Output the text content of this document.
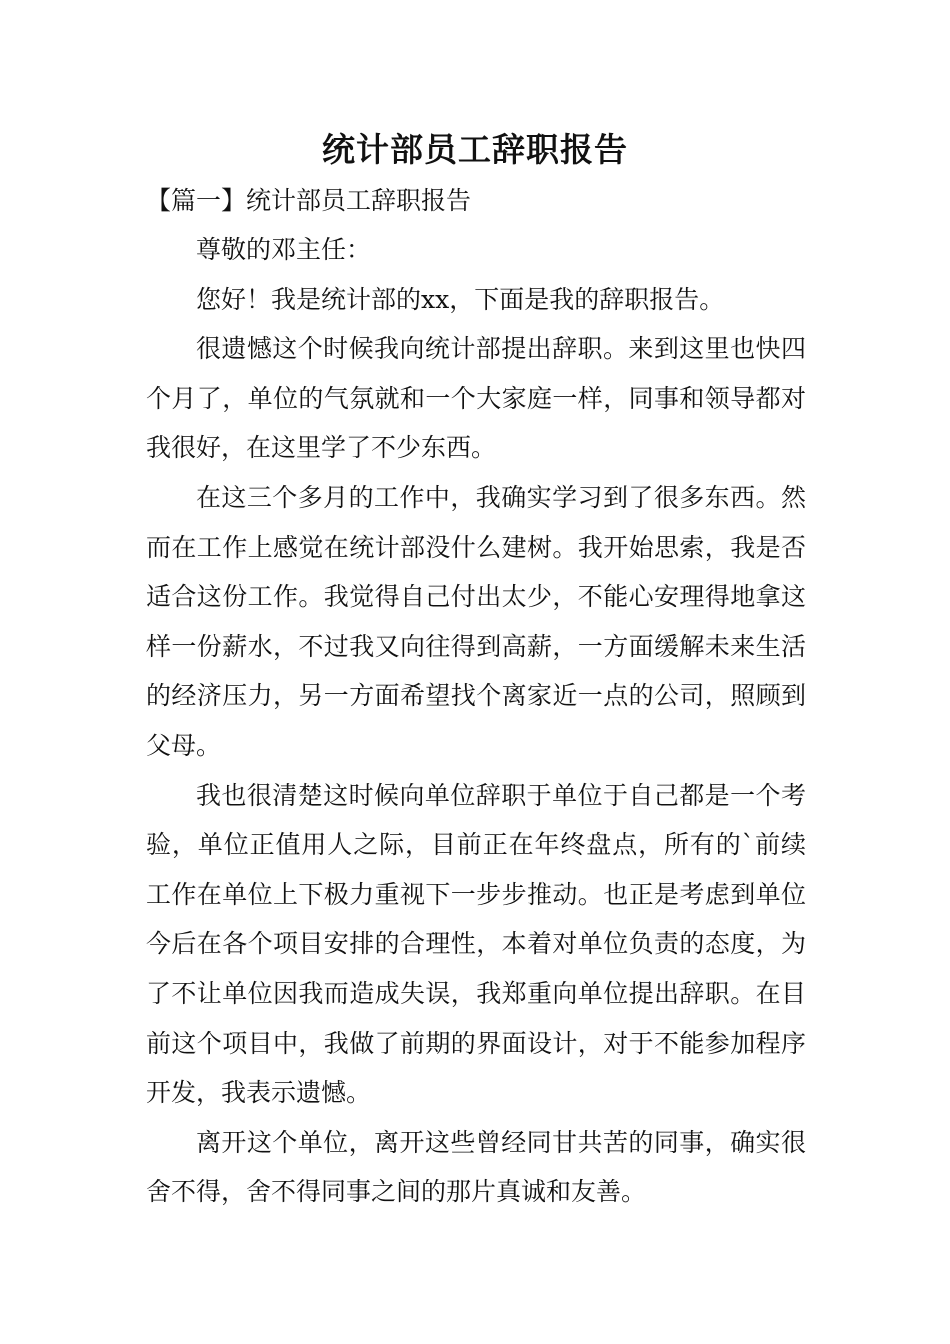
统计部员工辞职报告
【篇一】统计部员工辞职报告

尊敬的邓主任：

您好！我是统计部的xx，下面是我的辞职报告。

很遗憾这个时候我向统计部提出辞职。来到这里也快四个月了，单位的气氛就和一个大家庭一样，同事和领导都对我很好，在这里学了不少东西。

在这三个多月的工作中，我确实学习到了很多东西。然而在工作上感觉在统计部没什么建树。我开始思索，我是否适合这份工作。我觉得自己付出太少，不能心安理得地拿这样一份薪水，不过我又向往得到高薪，一方面缓解未来生活的经济压力，另一方面希望找个离家近一点的公司，照顾到父母。

我也很清楚这时候向单位辞职于单位于自己都是一个考验，单位正值用人之际，目前正在年终盘点，所有的`前续工作在单位上下极力重视下一步步推动。也正是考虑到单位今后在各个项目安排的合理性，本着对单位负责的态度，为了不让单位因我而造成失误，我郑重向单位提出辞职。在目前这个项目中，我做了前期的界面设计，对于不能参加程序开发，我表示遗憾。

离开这个单位，离开这些曾经同甘共苦的同事，确实很舍不得，舍不得同事之间的那片真诚和友善。
